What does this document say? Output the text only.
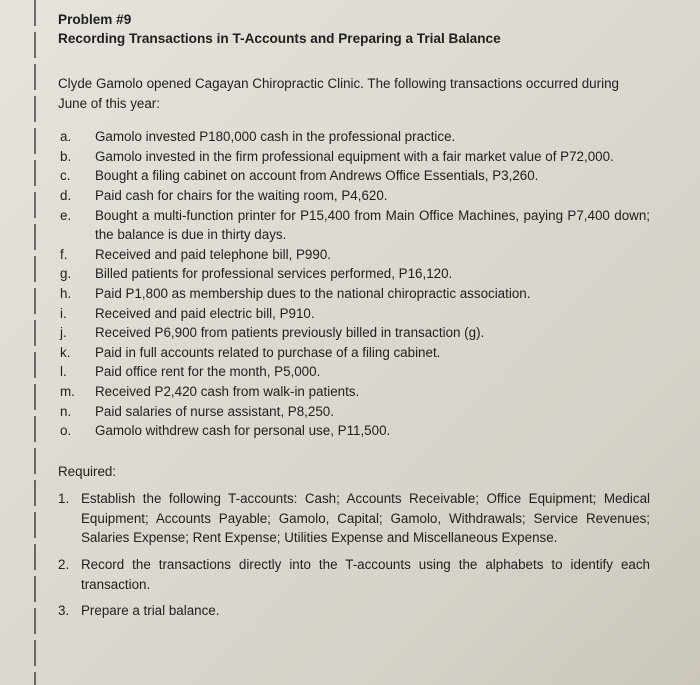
Problem #9
Recording Transactions in T-Accounts and Preparing a Trial Balance
Clyde Gamolo opened Cagayan Chiropractic Clinic. The following transactions occurred during June of this year:
a.	Gamolo invested P180,000 cash in the professional practice.
b.	Gamolo invested in the firm professional equipment with a fair market value of P72,000.
c.	Bought a filing cabinet on account from Andrews Office Essentials, P3,260.
d.	Paid cash for chairs for the waiting room, P4,620.
e.	Bought a multi-function printer for P15,400 from Main Office Machines, paying P7,400 down; the balance is due in thirty days.
f.	Received and paid telephone bill, P990.
g.	Billed patients for professional services performed, P16,120.
h.	Paid P1,800 as membership dues to the national chiropractic association.
i.	Received and paid electric bill, P910.
j.	Received P6,900 from patients previously billed in transaction (g).
k.	Paid in full accounts related to purchase of a filing cabinet.
l.	Paid office rent for the month, P5,000.
m.	Received P2,420 cash from walk-in patients.
n.	Paid salaries of nurse assistant, P8,250.
o.	Gamolo withdrew cash for personal use, P11,500.
Required:
1. Establish the following T-accounts: Cash; Accounts Receivable; Office Equipment; Medical Equipment; Accounts Payable; Gamolo, Capital; Gamolo, Withdrawals; Service Revenues; Salaries Expense; Rent Expense; Utilities Expense and Miscellaneous Expense.
2. Record the transactions directly into the T-accounts using the alphabets to identify each transaction.
3. Prepare a trial balance.
